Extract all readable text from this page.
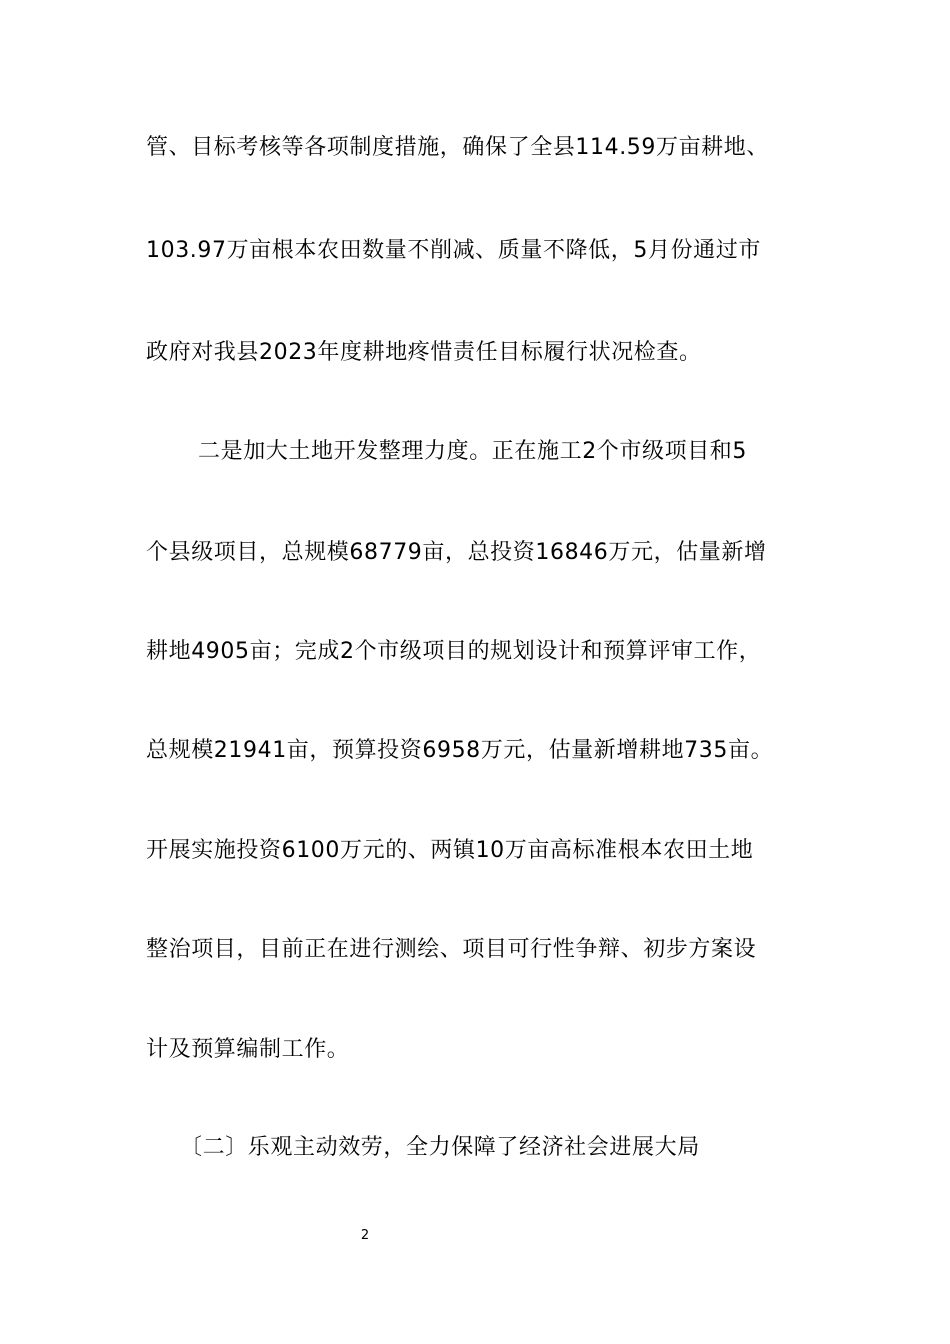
管、目标考核等各项制度措施，确保了全县114.59万亩耕地、
103.97万亩根本农田数量不削减、质量不降低，5月份通过市
政府对我县2023年度耕地疼惜责任目标履行状况检查。
二是加大土地开发整理力度。正在施工2个市级项目和5
个县级项目，总规模68779亩，总投资16846万元，估量新增
耕地4905亩；完成2个市级项目的规划设计和预算评审工作，
总规模21941亩，预算投资6958万元，估量新增耕地735亩。
开展实施投资6100万元的、两镇10万亩高标准根本农田土地
整治项目，目前正在进行测绘、项目可行性争辩、初步方案设
计及预算编制工作。
〔二〕乐观主动效劳，全力保障了经济社会进展大局
2
